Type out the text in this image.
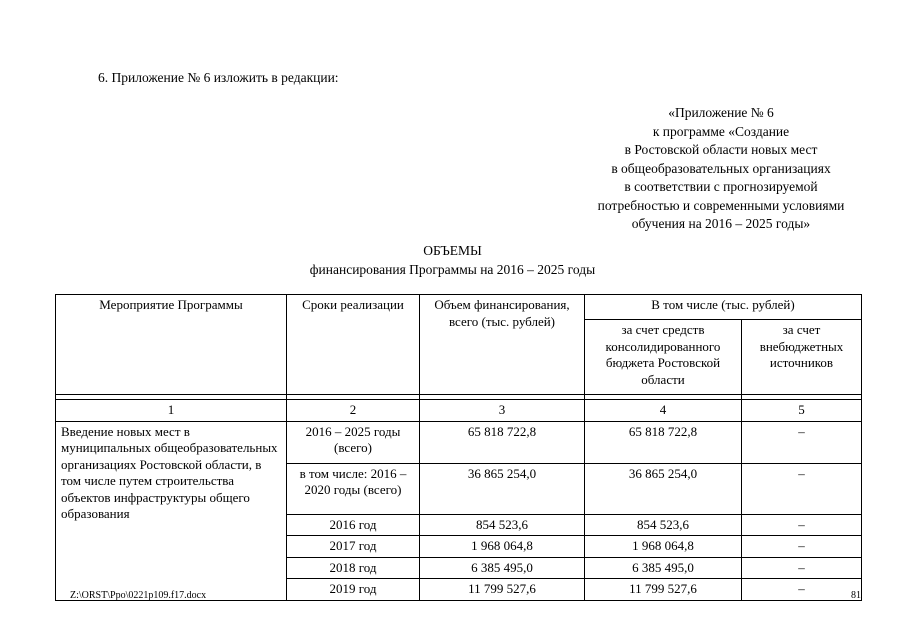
6. Приложение № 6 изложить в редакции:
«Приложение № 6
к программе «Создание
в Ростовской области новых мест
в общеобразовательных организациях
в соответствии с прогнозируемой
потребностью и современными условиями
обучения на 2016 – 2025 годы»
ОБЪЕМЫ
финансирования Программы на 2016 – 2025 годы
Мероприятие Программы	Сроки реализации	Объем финансирования, всего (тыс. рублей)	В том числе (тыс. рублей)	
			за счет средств консолидированного бюджета Ростовской области	за счет внебюджетных источников

1	2	3	4	5
Введение новых мест в муниципальных общеобразовательных организациях Ростовской области, в том числе путем строительства объектов инфраструктуры общего образования	2016 – 2025 годы (всего)	65 818 722,8	65 818 722,8	–
	в том числе: 2016 – 2020 годы (всего)	36 865 254,0	36 865 254,0	–
	2016 год	854 523,6	854 523,6	–
	2017 год	1 968 064,8	1 968 064,8	–
	2018 год	6 385 495,0	6 385 495,0	–
	2019 год	11 799 527,6	11 799 527,6	–
Z:\ORST\Ppo\0221p109.f17.docx	81
